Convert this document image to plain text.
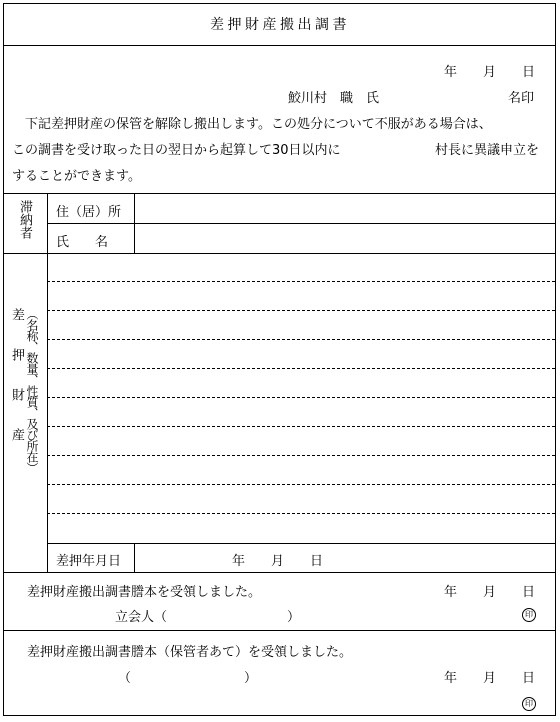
差押財産搬出調書
年　　月　　日
鮫川村　職　氏	名印
　下記差押財産の保管を解除し搬出します。この処分について不服がある場合は、
この調書を受け取った日の翌日から起算して30日以内に	村長に異議申立を
することができます。
滞納者 住（居）所
氏　　名
差押財産 （名称、数量、性質、及び所在）
差押年月日	年　　月　　日
差押財産搬出調書謄本を受領しました。	年　　月　　日
立会人（	）	印
差押財産搬出調書謄本（保管者あて）を受領しました。
（	）	年　　月　　日
印
